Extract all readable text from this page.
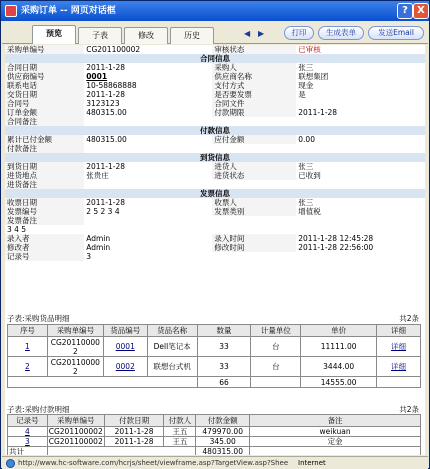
采购订单 -- 网页对话框	? X
预览	子表	修改	历史	◀ ▶	打印	生成表单	发送Email
采购单编号	CG201100002	审核状态	已审核
合同信息			
合同日期	2011-1-28	采购人	张三
供应商编号	0001	供应商名称	联想集团
联系电话	10-58868888	支付方式	现金
交货日期	2011-1-28	是否要发票	是
合同号	3123123	合同文件	
订单金额	480315.00	付款期限	2011-1-28
合同备注			
付款信息			
累计已付金额	480315.00	应付金额	0.00
付款备注			
到货信息			
到货日期	2011-1-28	进货人	张三
进货地点	张贵庄	进货状态	已收到
进货备注			
发票信息			
收票日期	2011-1-28	收票人	张三
发票编号	2 5 2 3 4	发票类别	增值税
发票备注			
3 4 5			
录入者	Admin	录入时间	2011-1-28 12:45:28
修改者	Admin	修改时间	2011-1-28 22:56:00
记录号	3		
子表:采购货品明细	共2条
序号	采购单编号	货品编号	货品名称	数量	计量单位	单价	详细
1	CG20110000 2	0001	Dell笔记本	33	台	11111.00	详细
2	CG20110000 2	0002	联想台式机	33	台	3444.00	详细
				66		14555.00	
子表:采购付款明细	共2条
记录号	采购单编号	付款日期	付款人	付款金额	备注
4	CG201100002	2011-1-28	王五	479970.00	weikuan
3	CG201100002	2011-1-28	王五	345.00	定金
共计				480315.00	
http://www.hc-software.com/hcrjs/sheet/viewframe.asp?TargetView.asp?Shee Internet
